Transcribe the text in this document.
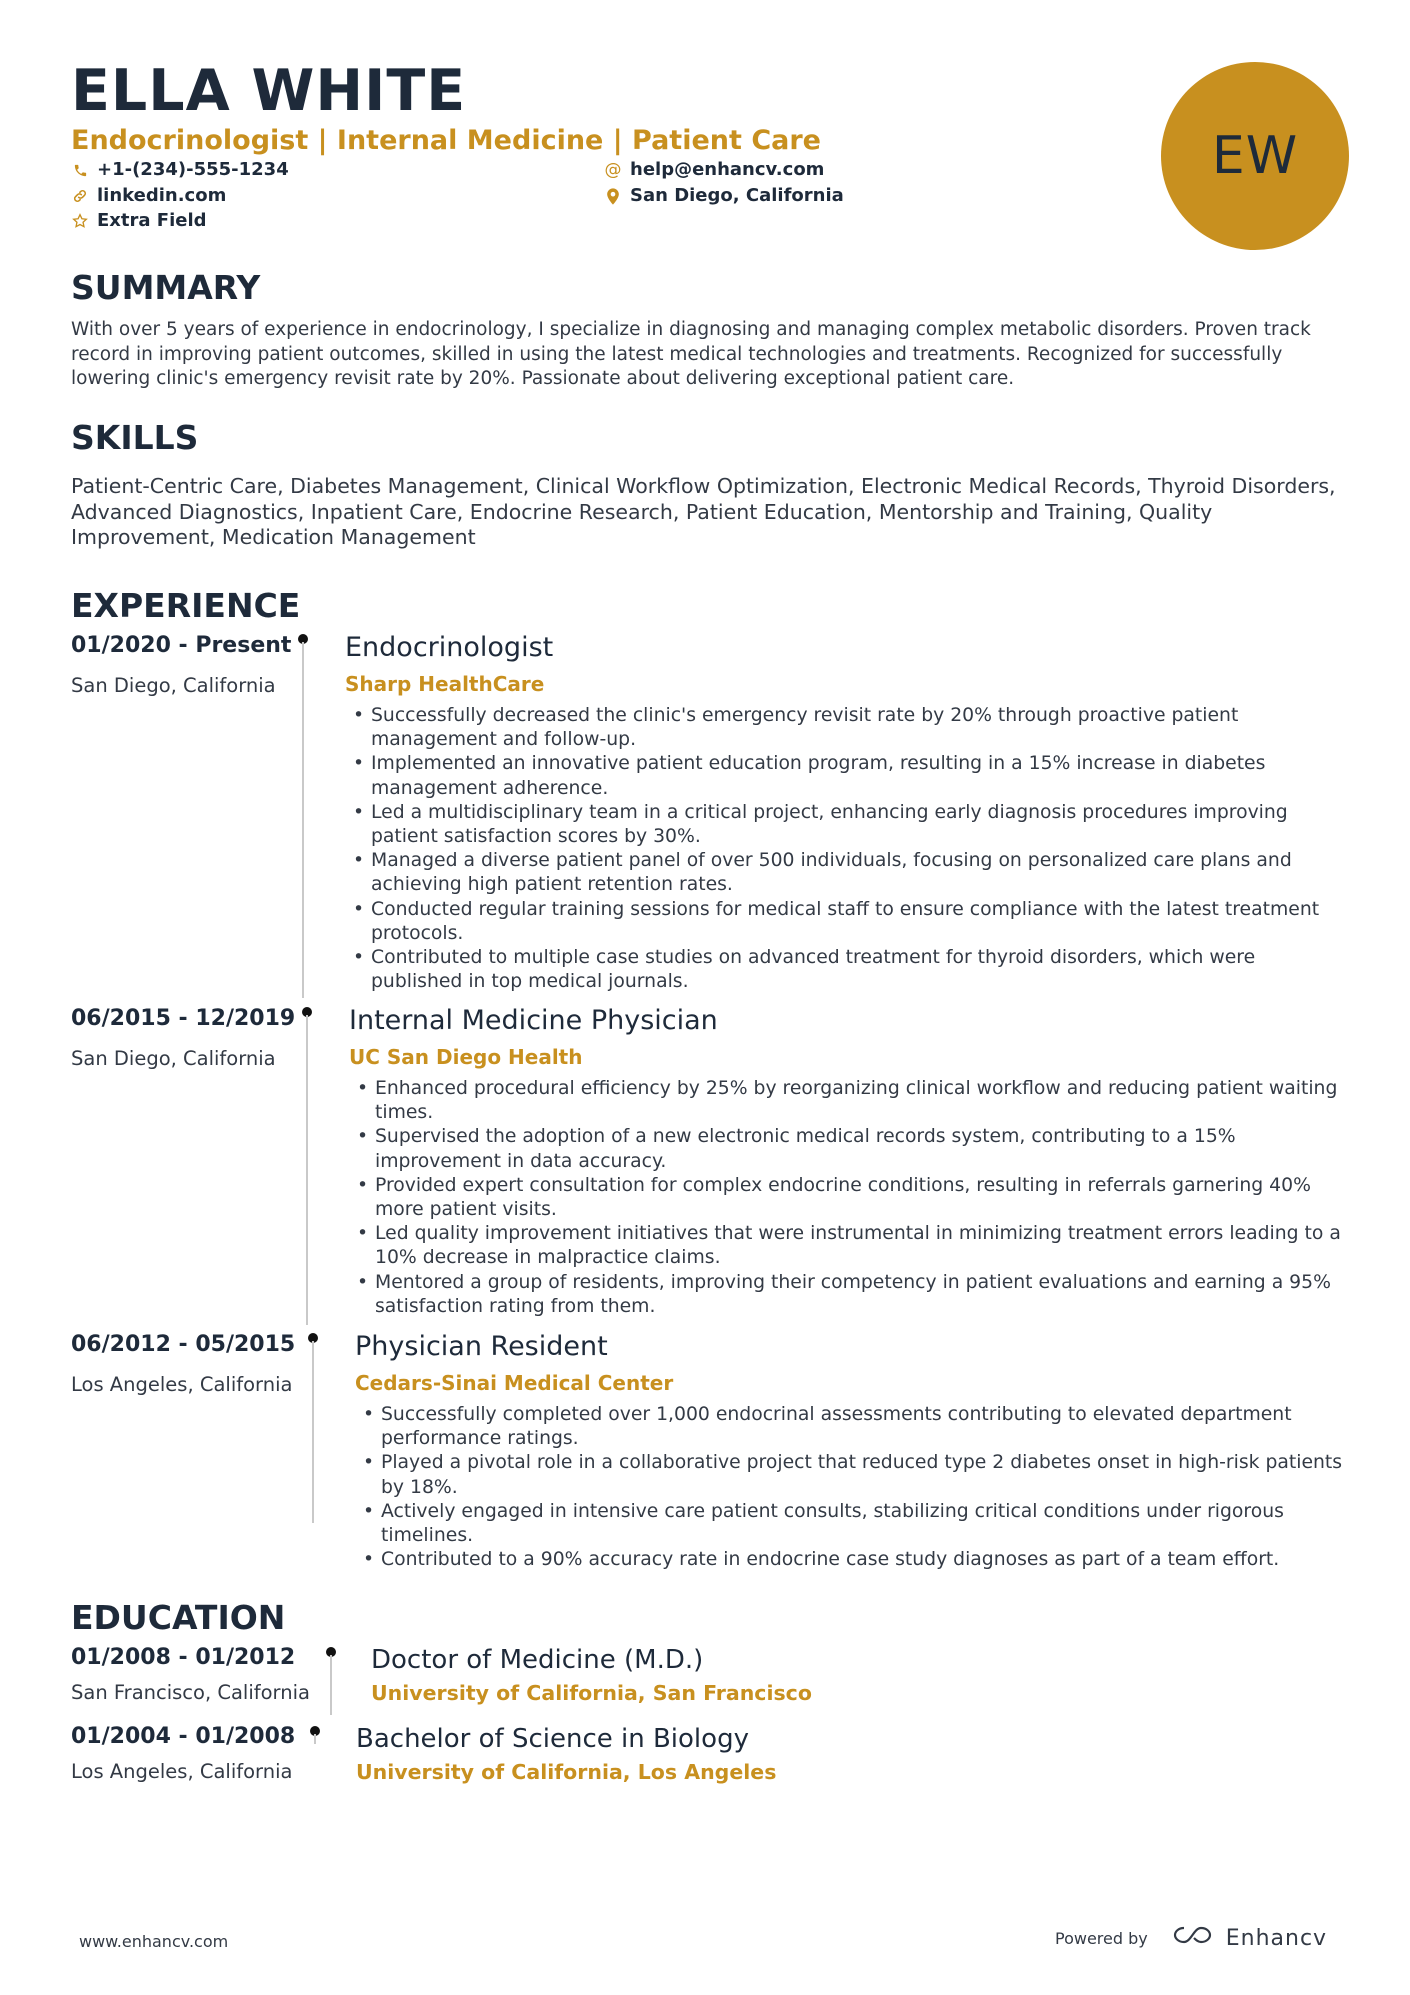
ELLA WHITE
Endocrinologist | Internal Medicine | Patient Care
+1-(234)-555-1234	@ help@enhancv.com
linkedin.com	San Diego, California
Extra Field
EW
SUMMARY
With over 5 years of experience in endocrinology, I specialize in diagnosing and managing complex metabolic disorders. Proven track record in improving patient outcomes, skilled in using the latest medical technologies and treatments. Recognized for successfully lowering clinic's emergency revisit rate by 20%. Passionate about delivering exceptional patient care.
SKILLS
Patient-Centric Care, Diabetes Management, Clinical Workflow Optimization, Electronic Medical Records, Thyroid Disorders, Advanced Diagnostics, Inpatient Care, Endocrine Research, Patient Education, Mentorship and Training, Quality Improvement, Medication Management
EXPERIENCE
01/2020 - Present
San Diego, California
Endocrinologist
Sharp HealthCare
• Successfully decreased the clinic's emergency revisit rate by 20% through proactive patient management and follow-up.
• Implemented an innovative patient education program, resulting in a 15% increase in diabetes management adherence.
• Led a multidisciplinary team in a critical project, enhancing early diagnosis procedures improving patient satisfaction scores by 30%.
• Managed a diverse patient panel of over 500 individuals, focusing on personalized care plans and achieving high patient retention rates.
• Conducted regular training sessions for medical staff to ensure compliance with the latest treatment protocols.
• Contributed to multiple case studies on advanced treatment for thyroid disorders, which were published in top medical journals.
06/2015 - 12/2019
San Diego, California
Internal Medicine Physician
UC San Diego Health
• Enhanced procedural efficiency by 25% by reorganizing clinical workflow and reducing patient waiting times.
• Supervised the adoption of a new electronic medical records system, contributing to a 15% improvement in data accuracy.
• Provided expert consultation for complex endocrine conditions, resulting in referrals garnering 40% more patient visits.
• Led quality improvement initiatives that were instrumental in minimizing treatment errors leading to a 10% decrease in malpractice claims.
• Mentored a group of residents, improving their competency in patient evaluations and earning a 95% satisfaction rating from them.
06/2012 - 05/2015
Los Angeles, California
Physician Resident
Cedars-Sinai Medical Center
• Successfully completed over 1,000 endocrinal assessments contributing to elevated department performance ratings.
• Played a pivotal role in a collaborative project that reduced type 2 diabetes onset in high-risk patients by 18%.
• Actively engaged in intensive care patient consults, stabilizing critical conditions under rigorous timelines.
• Contributed to a 90% accuracy rate in endocrine case study diagnoses as part of a team effort.
EDUCATION
01/2008 - 01/2012
San Francisco, California
Doctor of Medicine (M.D.)
University of California, San Francisco
01/2004 - 01/2008
Los Angeles, California
Bachelor of Science in Biology
University of California, Los Angeles
www.enhancv.com	Powered by	Enhancv
